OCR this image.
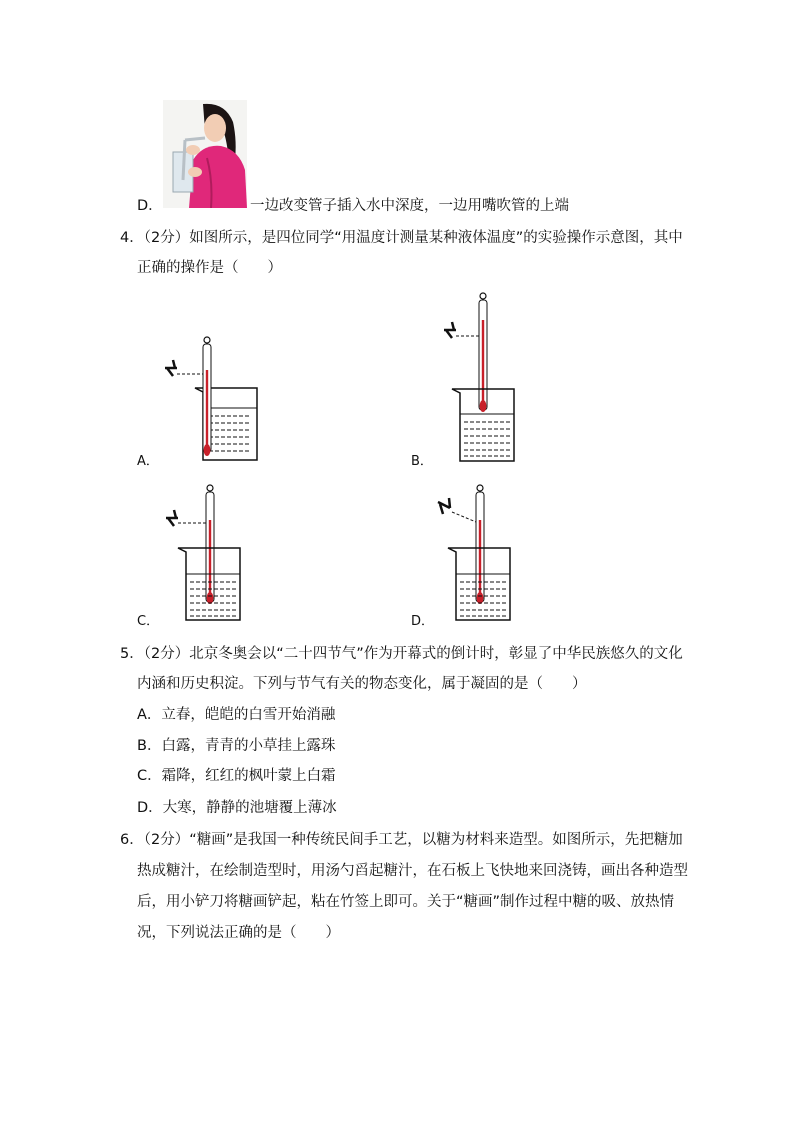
D．	一边改变管子插入水中深度，一边用嘴吹管的上端
4．（2分）如图所示，是四位同学“用温度计测量某种液体温度”的实验操作示意图，其中
正确的操作是（　　）
A．	B．
C．	D．
5．（2分）北京冬奥会以“二十四节气”作为开幕式的倒计时，彰显了中华民族悠久的文化
内涵和历史积淀。下列与节气有关的物态变化，属于凝固的是（　　）
A．立春，皑皑的白雪开始消融
B．白露，青青的小草挂上露珠
C．霜降，红红的枫叶蒙上白霜
D．大寒，静静的池塘覆上薄冰
6．（2分）“糖画”是我国一种传统民间手工艺，以糖为材料来造型。如图所示，先把糖加
热成糖汁，在绘制造型时，用汤勺舀起糖汁，在石板上飞快地来回浇铸，画出各种造型
后，用小铲刀将糖画铲起，粘在竹签上即可。关于“糖画”制作过程中糖的吸、放热情
况，下列说法正确的是（　　）
